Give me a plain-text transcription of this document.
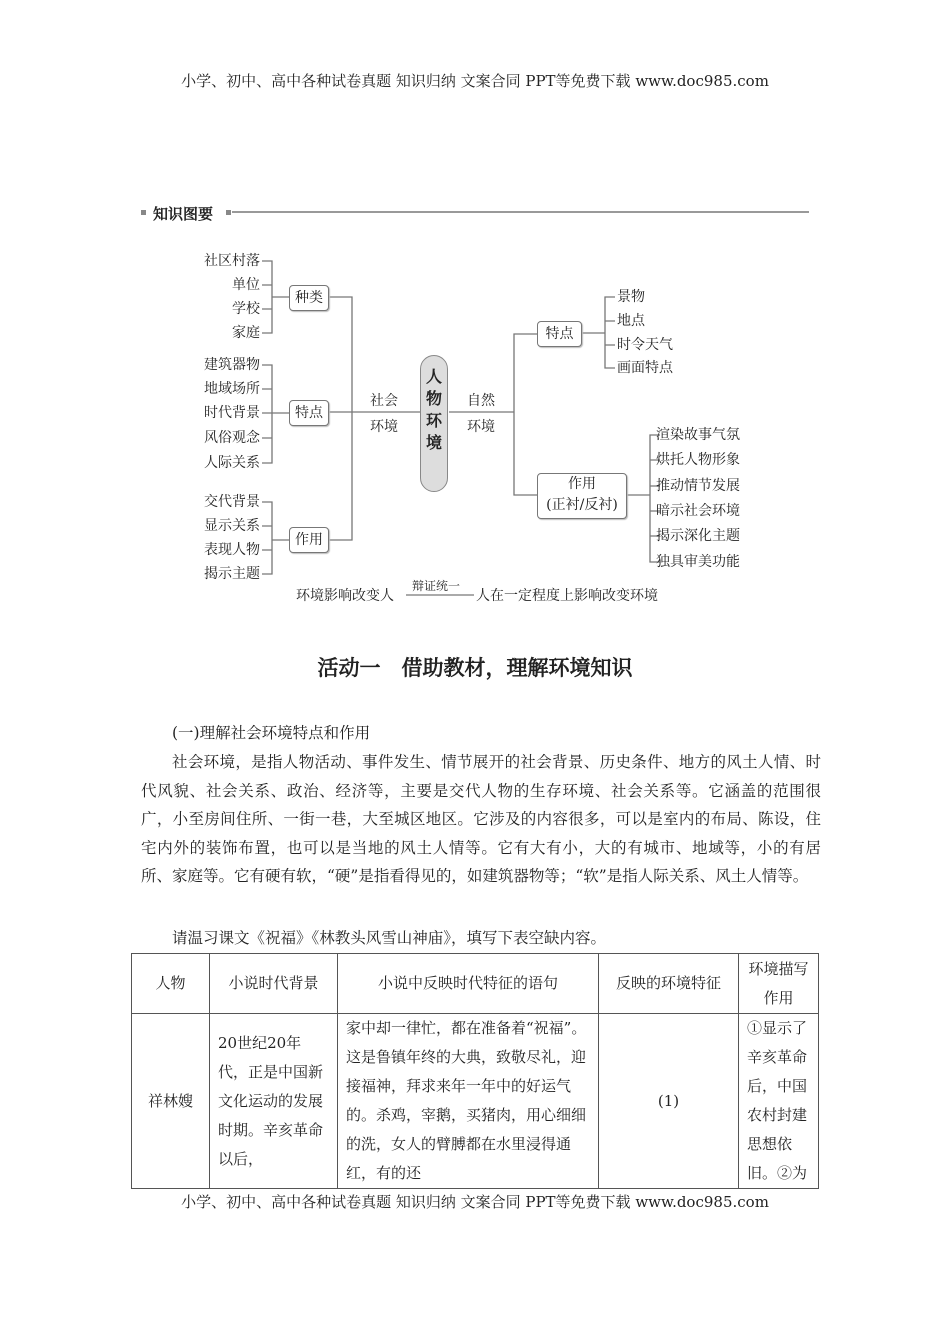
小学、初中、高中各种试卷真题 知识归纳 文案合同 PPT等免费下载 www.doc985.com
知识图要
社区村落
单位
学校
家庭
建筑器物
地域场所
时代背景
风俗观念
人际关系
交代背景
显示关系
表现人物
揭示主题
景物
地点
时令天气
画面特点
渲染故事气氛
烘托人物形象
推动情节发展
暗示社会环境
揭示深化主题
独具审美功能
种类
特点
作用
社会
环境
人
物
环
境
自然
环境
特点
作用
(正衬/反衬)
环境影响改变人
辩证统一
人在一定程度上影响改变环境
活动一　借助教材，理解环境知识
(一)理解社会环境特点和作用
社会环境，是指人物活动、事件发生、情节展开的社会背景、历史条件、地方的风土人情、时代风貌、社会关系、政治、经济等，主要是交代人物的生存环境、社会关系等。它涵盖的范围很广，小至房间住所、一街一巷，大至城区地区。它涉及的内容很多，可以是室内的布局、陈设，住宅内外的装饰布置，也可以是当地的风土人情等。它有大有小，大的有城市、地域等，小的有居所、家庭等。它有硬有软，“硬”是指看得见的，如建筑器物等；“软”是指人际关系、风土人情等。
请温习课文《祝福》《林教头风雪山神庙》，填写下表空缺内容。
人物	小说时代背景	小说中反映时代特征的语句	反映的环境特征	环境描写作用
祥林嫂	20世纪20年代，正是中国新文化运动的发展时期。辛亥革命以后，	家中却一律忙，都在准备着“祝福”。这是鲁镇年终的大典，致敬尽礼，迎接福神，拜求来年一年中的好运气的。杀鸡，宰鹅，买猪肉，用心细细的洗，女人的臂膊都在水里浸得通红，有的还	(1)	①显示了辛亥革命后，中国农村封建思想依旧。②为
小学、初中、高中各种试卷真题 知识归纳 文案合同 PPT等免费下载 www.doc985.com
